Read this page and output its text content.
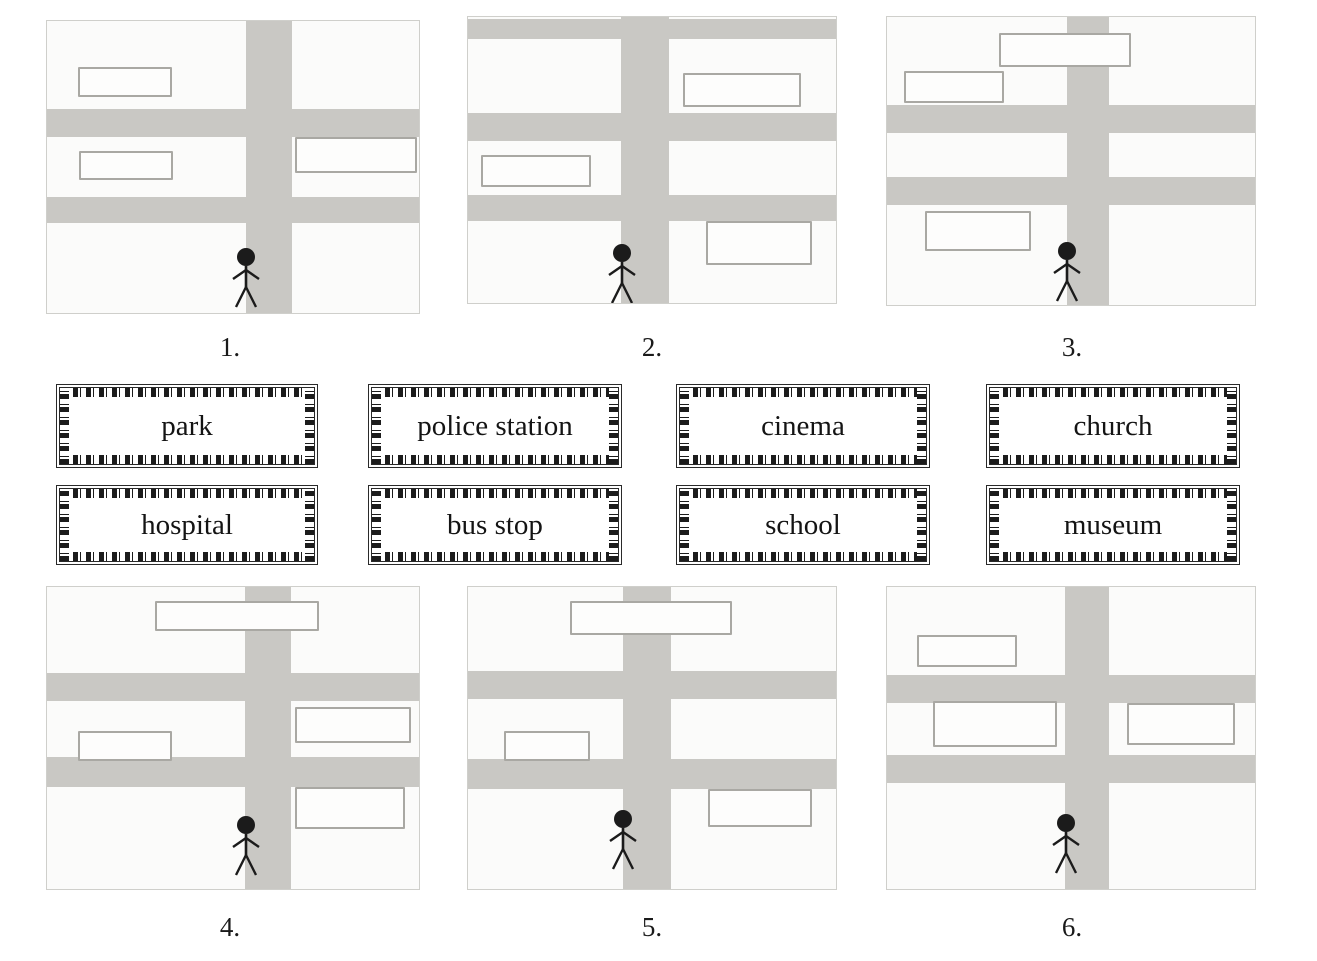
1.	2.	3.
park	police station	cinema	church
hospital	bus stop	school	museum
4.	5.	6.
